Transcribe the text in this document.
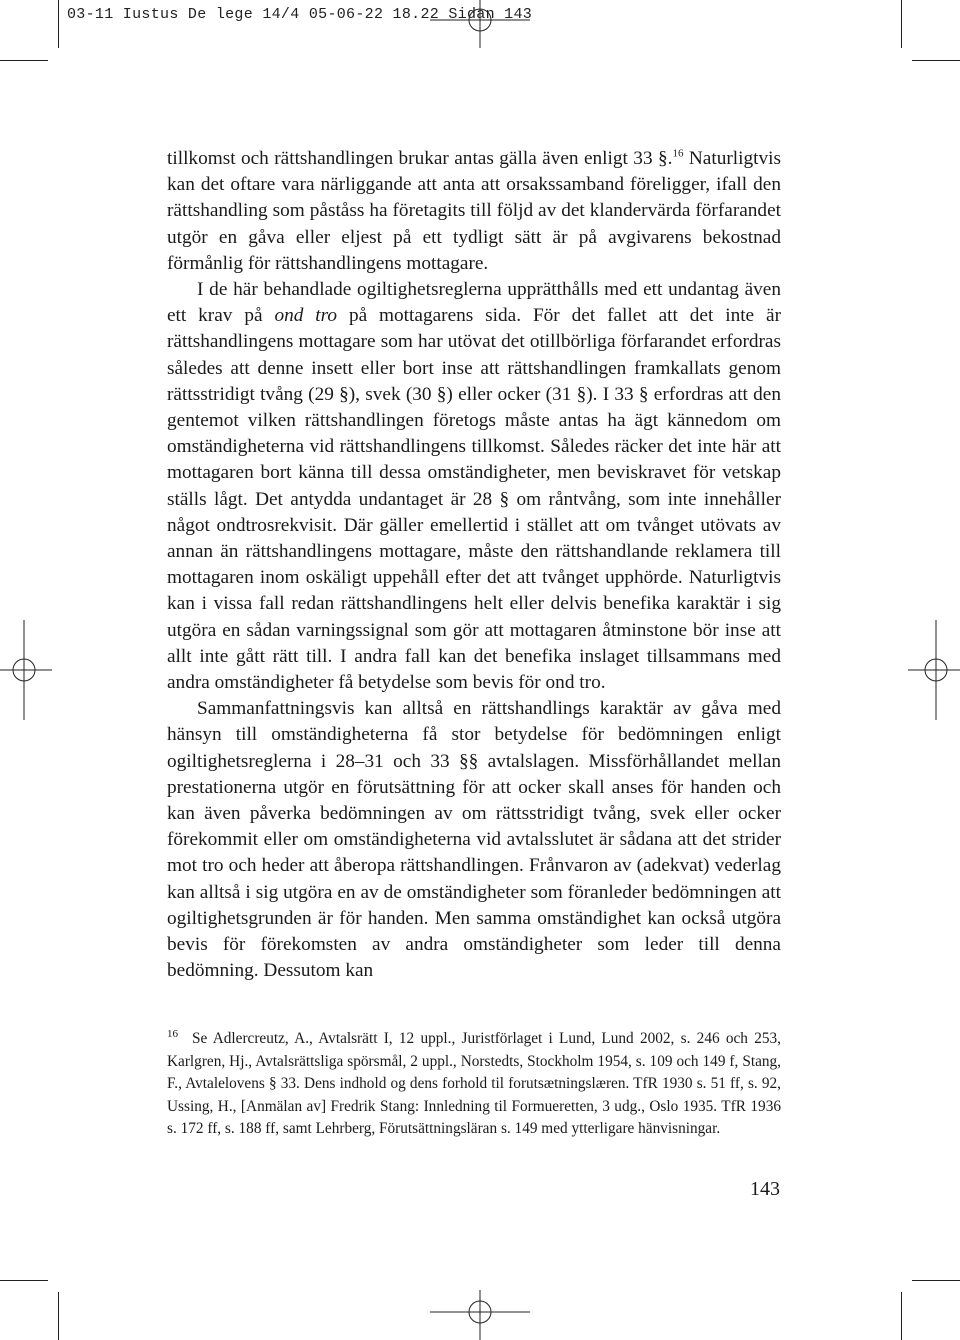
03-11 Iustus De lege 14/4 05-06-22 18.22 Sidan 143

tillkomst och rättshandlingen brukar antas gälla även enligt 33 §.$^{16}$ Naturligtvis kan det oftare vara närliggande att anta att orsakssamband föreligger, ifall den rättshandling som påståss ha företagits till följd av det klandervärda förfarandet utgör en gåva eller eljest på ett tydligt sätt är på avgivarens bekostnad förmånlig för rättshandlingens mottagare.

I de här behandlade ogiltighetsreglerna upprätthålls med ett undantag även ett krav på ond tro på mottagarens sida. För det fallet att det inte är rättshandlingens mottagare som har utövat det otillbörliga förfarandet erfordras således att denne insett eller bort inse att rättshandlingen framkallats genom rättsstridigt tvång (29 §), svek (30 §) eller ocker (31 §). I 33 § erfordras att den gentemot vilken rättshandlingen företogs måste antas ha ägt kännedom om omständigheterna vid rättshandlingens tillkomst. Således räcker det inte här att mottagaren bort känna till dessa omständigheter, men beviskravet för vetskap ställs lågt. Det antydda undantaget är 28 § om råntvång, som inte innehåller något ondtrosrekvisit. Där gäller emellertid i stället att om tvånget utövats av annan än rättshandlingens mottagare, måste den rättshandlande reklamera till mottagaren inom oskäligt uppehåll efter det att tvånget upphörde. Naturligtvis kan i vissa fall redan rättshandlingens helt eller delvis benefika karaktär i sig utgöra en sådan varningssignal som gör att mottagaren åtminstone bör inse att allt inte gått rätt till. I andra fall kan det benefika inslaget tillsammans med andra omständigheter få betydelse som bevis för ond tro.

Sammanfattningsvis kan alltså en rättshandlings karaktär av gåva med hänsyn till omständigheterna få stor betydelse för bedömningen enligt ogiltighetsreglerna i 28–31 och 33 §§ avtalslagen. Missförhållandet mellan prestationerna utgör en förutsättning för att ocker skall anses för handen och kan även påverka bedömningen av om rättsstridigt tvång, svek eller ocker förekommit eller om omständigheterna vid avtalsslutet är sådana att det strider mot tro och heder att åberopa rättshandlingen. Frånvaron av (adekvat) vederlag kan alltså i sig utgöra en av de omständigheter som föranleder bedömningen att ogiltighetsgrunden är för handen. Men samma omständighet kan också utgöra bevis för förekomsten av andra omständigheter som leder till denna bedömning. Dessutom kan

$^{16}$ Se Adlercreutz, A., Avtalsrätt I, 12 uppl., Juristförlaget i Lund, Lund 2002, s. 246 och 253, Karlgren, Hj., Avtalsrättsliga spörsmål, 2 uppl., Norstedts, Stockholm 1954, s. 109 och 149 f, Stang, F., Avtalelovens § 33. Dens indhold og dens forhold til forutsætningslæren. TfR 1930 s. 51 ff, s. 92, Ussing, H., [Anmälan av] Fredrik Stang: Innledning til Formueretten, 3 udg., Oslo 1935. TfR 1936 s. 172 ff, s. 188 ff, samt Lehrberg, Förutsättningsläran s. 149 med ytterligare hänvisningar.

143
